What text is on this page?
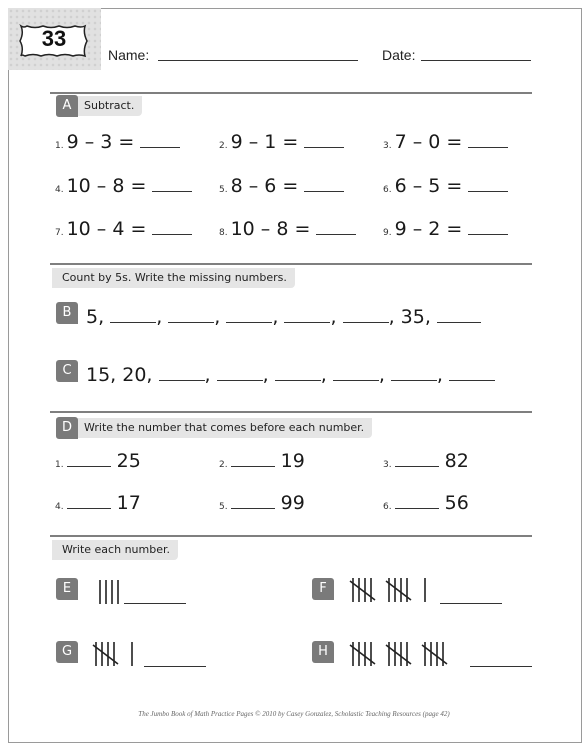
33
Name:	Date:
A Subtract.
1. 9 – 3 =	2. 9 – 1 =	3. 7 – 0 =
4. 10 – 8 =	5. 8 – 6 =	6. 6 – 5 =
7. 10 – 4 =	8. 10 – 8 =	9. 9 – 2 =
Count by 5s. Write the missing numbers.
B 5,	, , , , , 35,
C 15, 20,	, , , , ,
D Write the number that comes before each number.
1.	25	2.	19	3.	82
4.	17	5.	99	6.	56
Write each number.
E	F
G	H
The Jumbo Book of Math Practice Pages © 2010 by Casey Gonzalez, Scholastic Teaching Resources (page 42)
